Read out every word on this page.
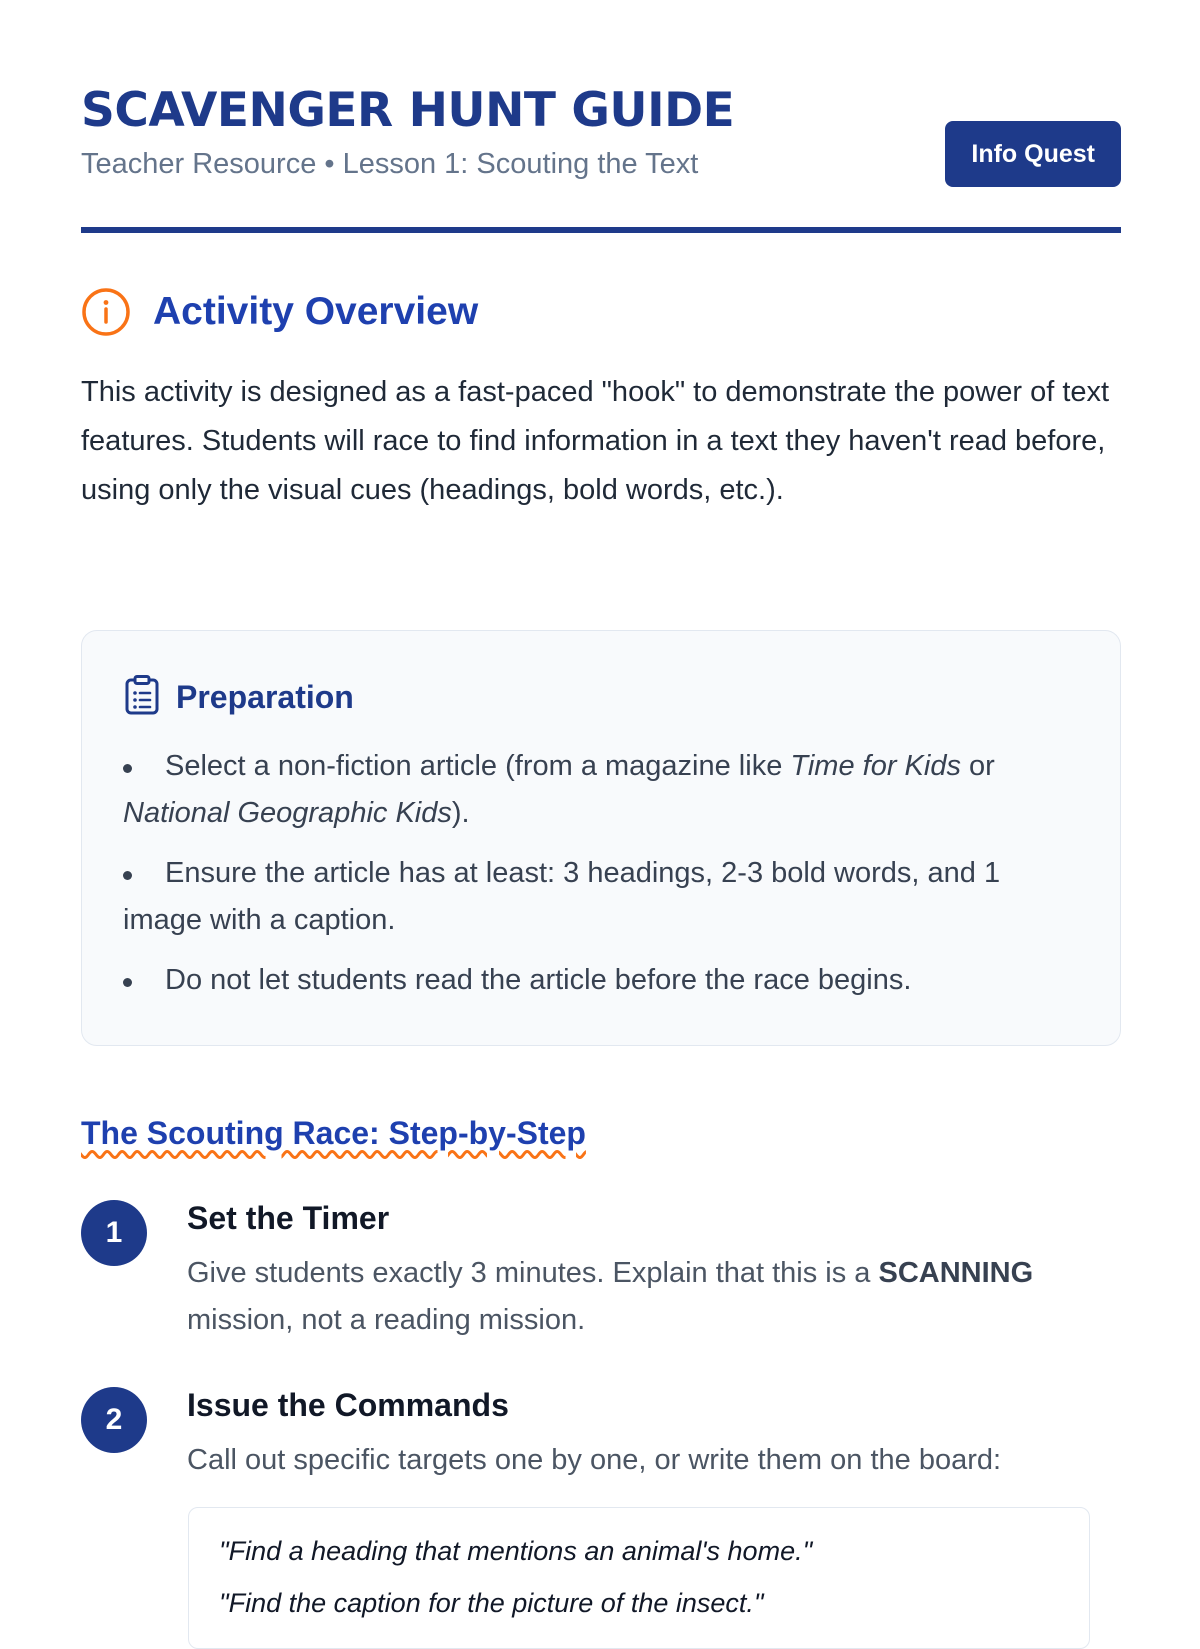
SCAVENGER HUNT GUIDE
Teacher Resource • Lesson 1: Scouting the Text	Info Quest
Activity Overview

This activity is designed as a fast-paced "hook" to demonstrate the power of text features. Students will race to find information in a text they haven't read before, using only the visual cues (headings, bold words, etc.).

Preparation
Select a non-fiction article (from a magazine like Time for Kids or National Geographic Kids).
Ensure the article has at least: 3 headings, 2-3 bold words, and 1 image with a caption.
Do not let students read the article before the race begins.
The Scouting Race: Step-by-Step
1	Set the Timer

Give students exactly 3 minutes. Explain that this is a SCANNING mission, not a reading mission.

2	Issue the Commands

Call out specific targets one by one, or write them on the board:

"Find a heading that mentions an animal's home."

"Find the caption for the picture of the insect."
